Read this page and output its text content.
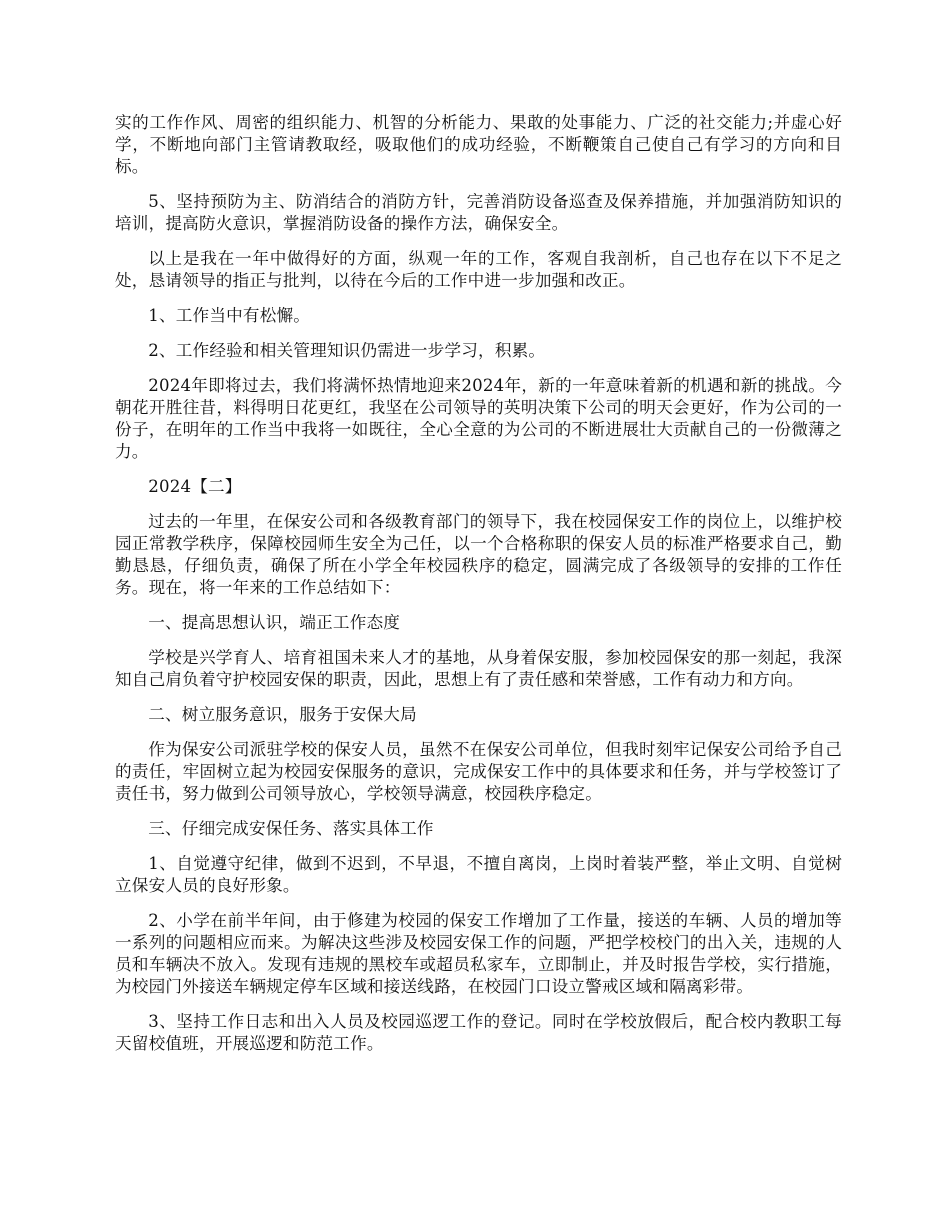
实的工作作风、周密的组织能力、机智的分析能力、果敢的处事能力、广泛的社交能力;并虚心好学，不断地向部门主管请教取经，吸取他们的成功经验，不断鞭策自己使自己有学习的方向和目标。

5、坚持预防为主、防消结合的消防方针，完善消防设备巡查及保养措施，并加强消防知识的培训，提高防火意识，掌握消防设备的操作方法，确保安全。

以上是我在一年中做得好的方面，纵观一年的工作，客观自我剖析，自己也存在以下不足之处，恳请领导的指正与批判，以待在今后的工作中进一步加强和改正。

1、工作当中有松懈。

2、工作经验和相关管理知识仍需进一步学习，积累。

2024年即将过去，我们将满怀热情地迎来2024年，新的一年意味着新的机遇和新的挑战。今朝花开胜往昔，料得明日花更红，我坚在公司领导的英明决策下公司的明天会更好，作为公司的一份子，在明年的工作当中我将一如既往，全心全意的为公司的不断进展壮大贡献自己的一份微薄之力。

2024【二】

过去的一年里，在保安公司和各级教育部门的领导下，我在校园保安工作的岗位上，以维护校园正常教学秩序，保障校园师生安全为己任，以一个合格称职的保安人员的标准严格要求自己，勤勤恳恳，仔细负责，确保了所在小学全年校园秩序的稳定，圆满完成了各级领导的安排的工作任务。现在，将一年来的工作总结如下：

一、提高思想认识，端正工作态度

学校是兴学育人、培育祖国未来人才的基地，从身着保安服，参加校园保安的那一刻起，我深知自己肩负着守护校园安保的职责，因此，思想上有了责任感和荣誉感，工作有动力和方向。

二、树立服务意识，服务于安保大局

作为保安公司派驻学校的保安人员，虽然不在保安公司单位，但我时刻牢记保安公司给予自己的责任，牢固树立起为校园安保服务的意识，完成保安工作中的具体要求和任务，并与学校签订了责任书，努力做到公司领导放心，学校领导满意，校园秩序稳定。

三、仔细完成安保任务、落实具体工作

1、自觉遵守纪律，做到不迟到，不早退，不擅自离岗，上岗时着装严整，举止文明、自觉树立保安人员的良好形象。

2、小学在前半年间，由于修建为校园的保安工作增加了工作量，接送的车辆、人员的增加等一系列的问题相应而来。为解决这些涉及校园安保工作的问题，严把学校校门的出入关，违规的人员和车辆决不放入。发现有违规的黑校车或超员私家车，立即制止，并及时报告学校，实行措施，为校园门外接送车辆规定停车区域和接送线路，在校园门口设立警戒区域和隔离彩带。

3、坚持工作日志和出入人员及校园巡逻工作的登记。同时在学校放假后，配合校内教职工每天留校值班，开展巡逻和防范工作。
